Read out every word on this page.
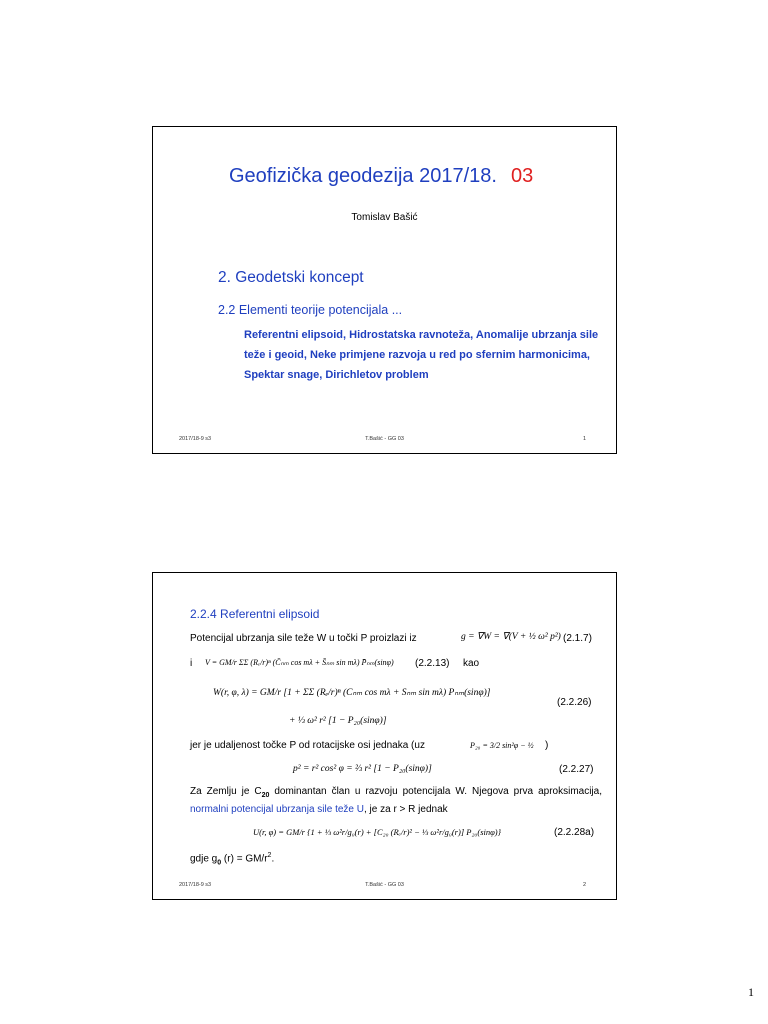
Geofizička geodezija 2017/18. 03
Tomislav Bašić
2. Geodetski koncept
2.2 Elementi teorije potencijala ...
Referentni elipsoid, Hidrostatska ravnoteža, Anomalije ubrzanja sile teže i geoid, Neke primjene razvoja u red po sfernim harmonicima, Spektar snage, Dirichletov problem
2017/18-9 s3	T.Bašić - GG 03	1
2.2.4 Referentni elipsoid
Potencijal ubrzanja sile teže W u točki P proizlazi iz	g = ∇W = ∇(V + ½ ω² p²) (2.1.7)
i V = GM/r ΣΣ (Rₑ/r)ⁿ (C̄ₙₘ cos mλ + S̄ₙₘ sin mλ) P̄ₙₘ(sinφ) (2.2.13) kao
W(r, φ, λ) = GM/r [1 + ΣΣ (Rₑ/r)ⁿ (Cₙₘ cos mλ + Sₙₘ sin mλ) Pₙₘ(sinφ)]
+ ⅓ ω² r² [1 − P₂₀(sinφ)]
(2.2.26)
jer je udaljenost točke P od rotacijske osi jednaka (uz	P₂₀ = 3/2 sin²φ − ½ )
p² = r² cos² φ = ⅔ r² [1 − P₂₀(sinφ)]	(2.2.27)
Za Zemlju je $C_{20}$ dominantan član u razvoju potencijala W. Njegova prva aproksimacija, normalni potencijal ubrzanja sile teže U, je za r > R jednak
U(r, φ) = GM/r {1 + ⅓ ω²r/g₀(r) + [C₂₀ (Rₑ/r)² − ⅓ ω²r/g₀(r)] P₂₀(sinφ)}	(2.2.28a)
gdje $g_0$ $(r) = GM/r^2$.
2017/18-9 s3	T.Bašić - GG 03	2
1
